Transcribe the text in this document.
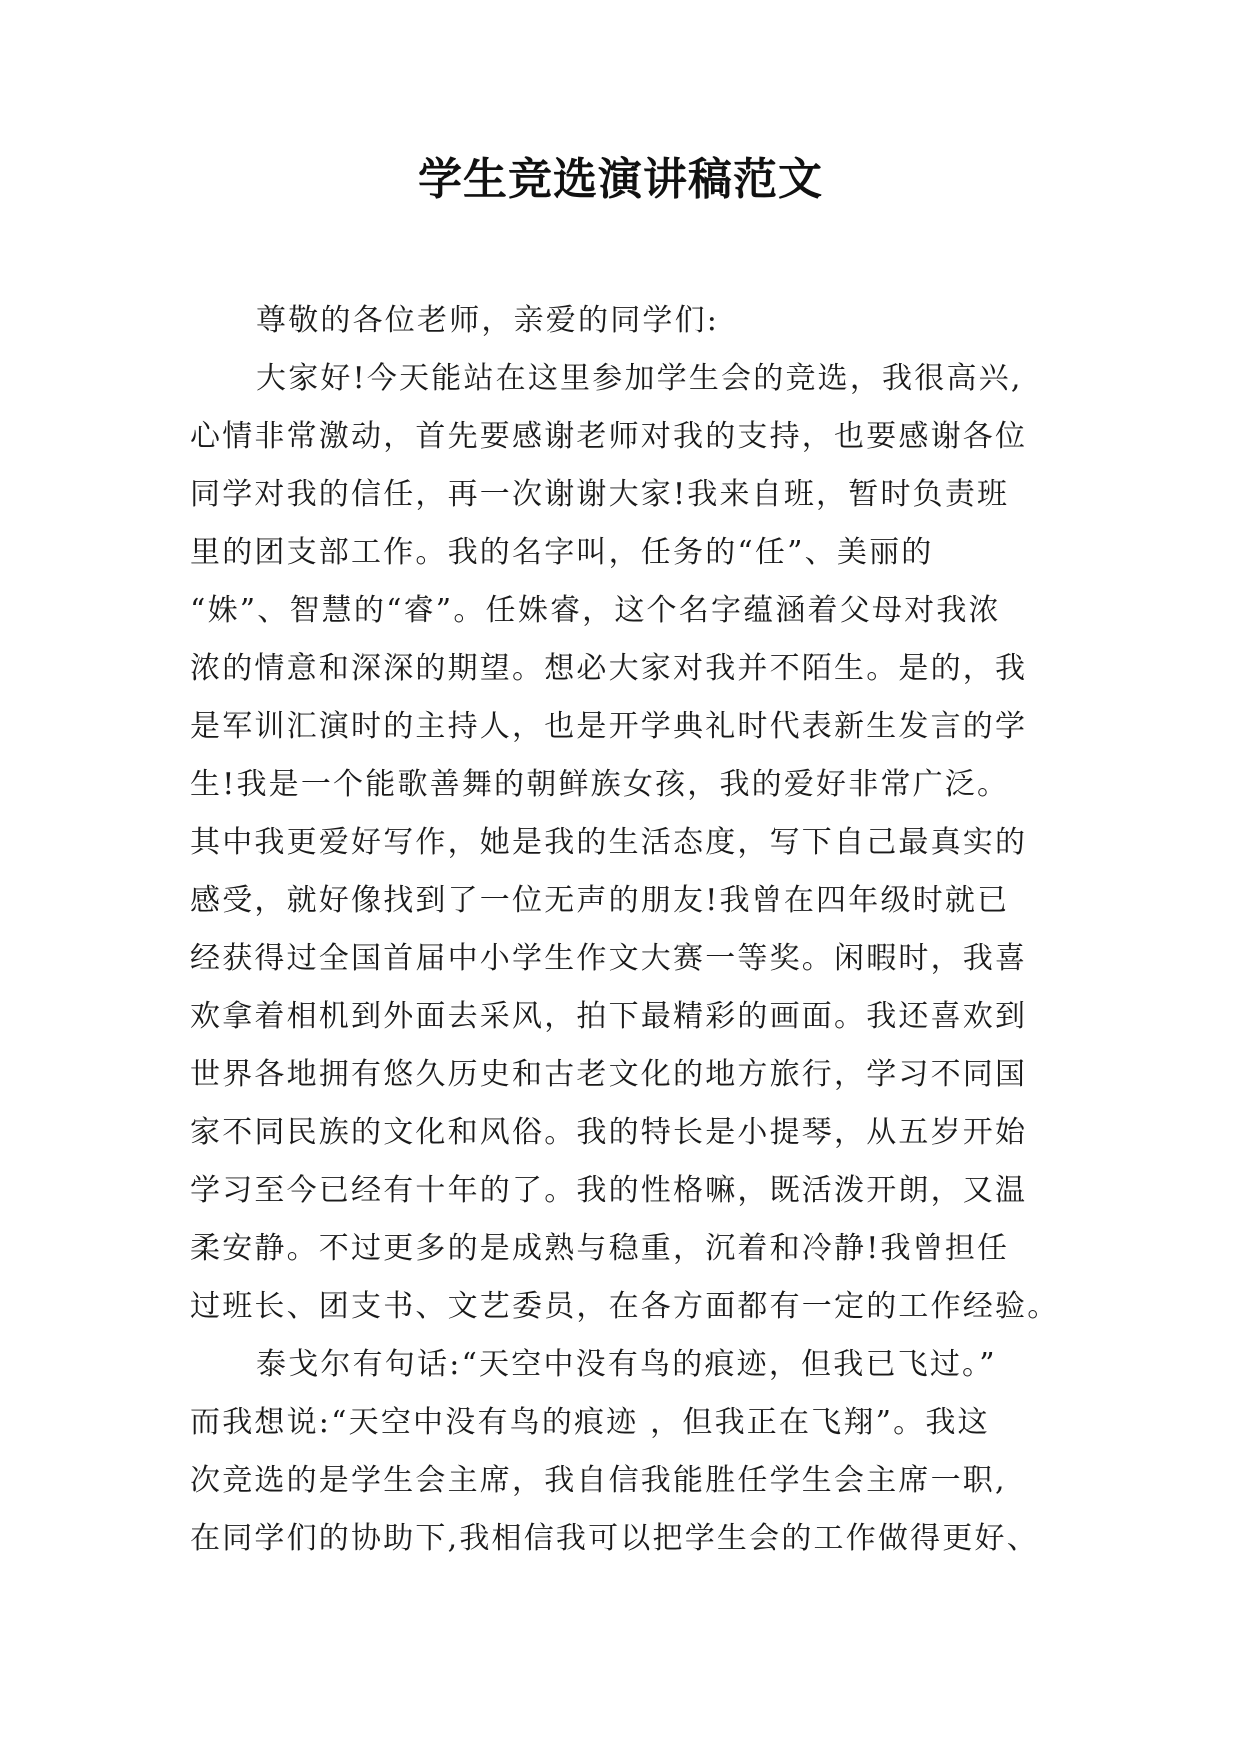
学生竞选演讲稿范文
尊敬的各位老师，亲爱的同学们:
大家好!今天能站在这里参加学生会的竞选，我很高兴,
心情非常激动，首先要感谢老师对我的支持，也要感谢各位
同学对我的信任，再一次谢谢大家!我来自班，暂时负责班
里的团支部工作。我的名字叫，任务的“任”、美丽的
“姝”、智慧的“睿”。任姝睿，这个名字蕴涵着父母对我浓
浓的情意和深深的期望。想必大家对我并不陌生。是的，我
是军训汇演时的主持人，也是开学典礼时代表新生发言的学
生!我是一个能歌善舞的朝鲜族女孩，我的爱好非常广泛。
其中我更爱好写作，她是我的生活态度，写下自己最真实的
感受，就好像找到了一位无声的朋友!我曾在四年级时就已
经获得过全国首届中小学生作文大赛一等奖。闲暇时，我喜
欢拿着相机到外面去采风，拍下最精彩的画面。我还喜欢到
世界各地拥有悠久历史和古老文化的地方旅行，学习不同国
家不同民族的文化和风俗。我的特长是小提琴，从五岁开始
学习至今已经有十年的了。我的性格嘛，既活泼开朗，又温
柔安静。不过更多的是成熟与稳重，沉着和冷静!我曾担任
过班长、团支书、文艺委员，在各方面都有一定的工作经验。
泰戈尔有句话:“天空中没有鸟的痕迹，但我已飞过。”
而我想说:“天空中没有鸟的痕迹 ，但我正在飞翔”。我这
次竞选的是学生会主席，我自信我能胜任学生会主席一职,
在同学们的协助下,我相信我可以把学生会的工作做得更好、
